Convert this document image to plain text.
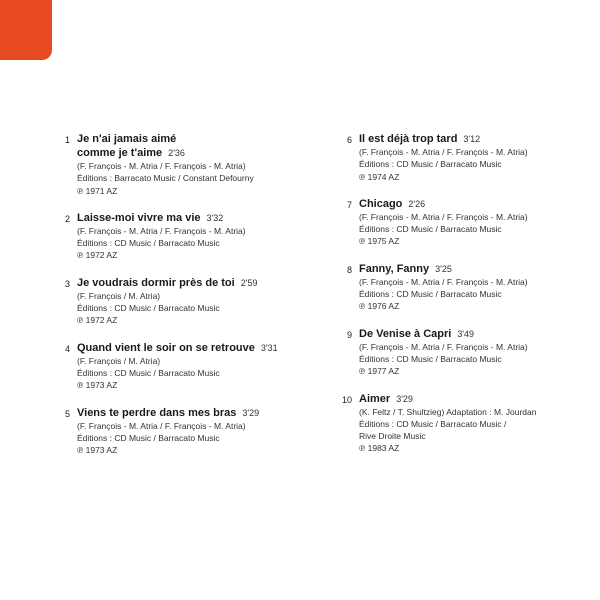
1 Je n'ai jamais aimé
comme je t'aime 2'36
(F. François - M. Atria / F. François - M. Atria)
Éditions : Barracato Music / Constant Defourny
℗ 1971 AZ
2 Laisse-moi vivre ma vie 3'32
(F. François - M. Atria / F. François - M. Atria)
Éditions : CD Music / Barracato Music
℗ 1972 AZ
3 Je voudrais dormir près de toi 2'59
(F. François / M. Atria)
Éditions : CD Music / Barracato Music
℗ 1972 AZ
4 Quand vient le soir on se retrouve 3'31
(F. François / M. Atria)
Éditions : CD Music / Barracato Music
℗ 1973 AZ
5 Viens te perdre dans mes bras 3'29
(F. François - M. Atria / F. François - M. Atria)
Éditions : CD Music / Barracato Music
℗ 1973 AZ
6 Il est déjà trop tard 3'12
(F. François - M. Atria / F. François - M. Atria)
Éditions : CD Music / Barracato Music
℗ 1974 AZ
7 Chicago 2'26
(F. François - M. Atria / F. François - M. Atria)
Éditions : CD Music / Barracato Music
℗ 1975 AZ
8 Fanny, Fanny 3'25
(F. François - M. Atria / F. François - M. Atria)
Éditions : CD Music / Barracato Music
℗ 1976 AZ
9 De Venise à Capri 3'49
(F. François - M. Atria / F. François - M. Atria)
Éditions : CD Music / Barracato Music
℗ 1977 AZ
10 Aimer 3'29
(K. Feltz / T. Shultzieg) Adaptation : M. Jourdan
Éditions : CD Music / Barracato Music /
Rive Droite Music
℗ 1983 AZ
